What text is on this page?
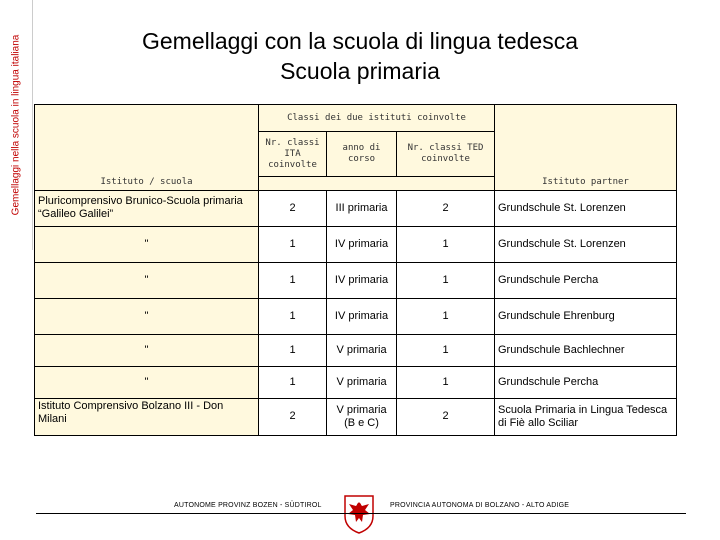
Gemellaggi nella scuola in lingua italiana	Gemellaggi con la scuola di lingua tedesca
Scuola primaria
	Classi dei due istituti coinvolte			
	Nr. classi ITA coinvolte	anno di corso	Nr. classi TED coinvolte	
Istituto / scuola				Istituto partner
Pluricomprensivo Brunico-Scuola primaria “Galileo Galilei”	2	III primaria	2	Grundschule St. Lorenzen
"	1	IV primaria	1	Grundschule St. Lorenzen
"	1	IV primaria	1	Grundschule Percha
"	1	IV primaria	1	Grundschule Ehrenburg
"	1	V primaria	1	Grundschule Bachlechner
"	1	V primaria	1	Grundschule Percha
Istituto Comprensivo Bolzano III - Don Milani	2	V primaria (B e C)	2	Scuola Primaria in Lingua Tedesca di Fiè allo Sciliar
AUTONOME PROVINZ BOZEN - SÜDTIROL	PROVINCIA AUTONOMA DI BOLZANO - ALTO ADIGE
